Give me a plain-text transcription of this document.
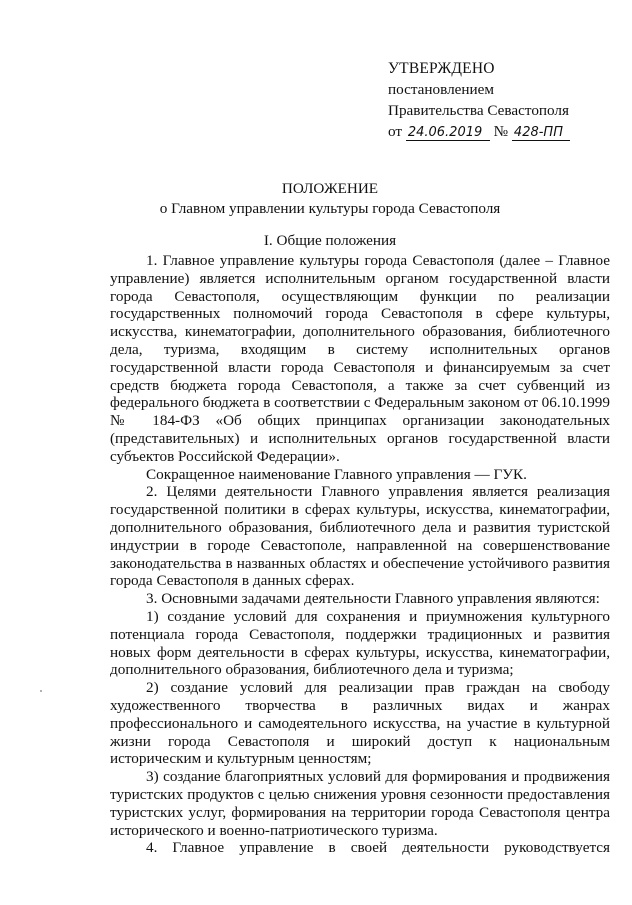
УТВЕРЖДЕНО
постановлением
Правительства Севастополя
от 24.06.2019 № 428-ПП
ПОЛОЖЕНИЕ
о Главном управлении культуры города Севастополя
I. Общие положения

1. Главное управление культуры города Севастополя (далее – Главное управление) является исполнительным органом государственной власти города Севастополя, осуществляющим функции по реализации государственных полномочий города Севастополя в сфере культуры, искусства, кинематографии, дополнительного образования, библиотечного дела, туризма, входящим в систему исполнительных органов государственной власти города Севастополя и финансируемым за счет средств бюджета города Севастополя, а также за счет субвенций из федерального бюджета в соответствии с Федеральным законом от 06.10.1999 № 184-ФЗ «Об общих принципах организации законодательных (представительных) и исполнительных органов государственной власти субъектов Российской Федерации».

Сокращенное наименование Главного управления — ГУК.

2. Целями деятельности Главного управления является реализация государственной политики в сферах культуры, искусства, кинематографии, дополнительного образования, библиотечного дела и развития туристской индустрии в городе Севастополе, направленной на совершенствование законодательства в названных областях и обеспечение устойчивого развития города Севастополя в данных сферах.

3. Основными задачами деятельности Главного управления являются:

1) создание условий для сохранения и приумножения культурного потенциала города Севастополя, поддержки традиционных и развития новых форм деятельности в сферах культуры, искусства, кинематографии, дополнительного образования, библиотечного дела и туризма;

2) создание условий для реализации прав граждан на свободу художественного творчества в различных видах и жанрах профессионального и самодеятельного искусства, на участие в культурной жизни города Севастополя и широкий доступ к национальным историческим и культурным ценностям;

3) создание благоприятных условий для формирования и продвижения туристских продуктов с целью снижения уровня сезонности предоставления туристских услуг, формирования на территории города Севастополя центра исторического и военно-патриотического туризма.

4. Главное управление в своей деятельности руководствуется
